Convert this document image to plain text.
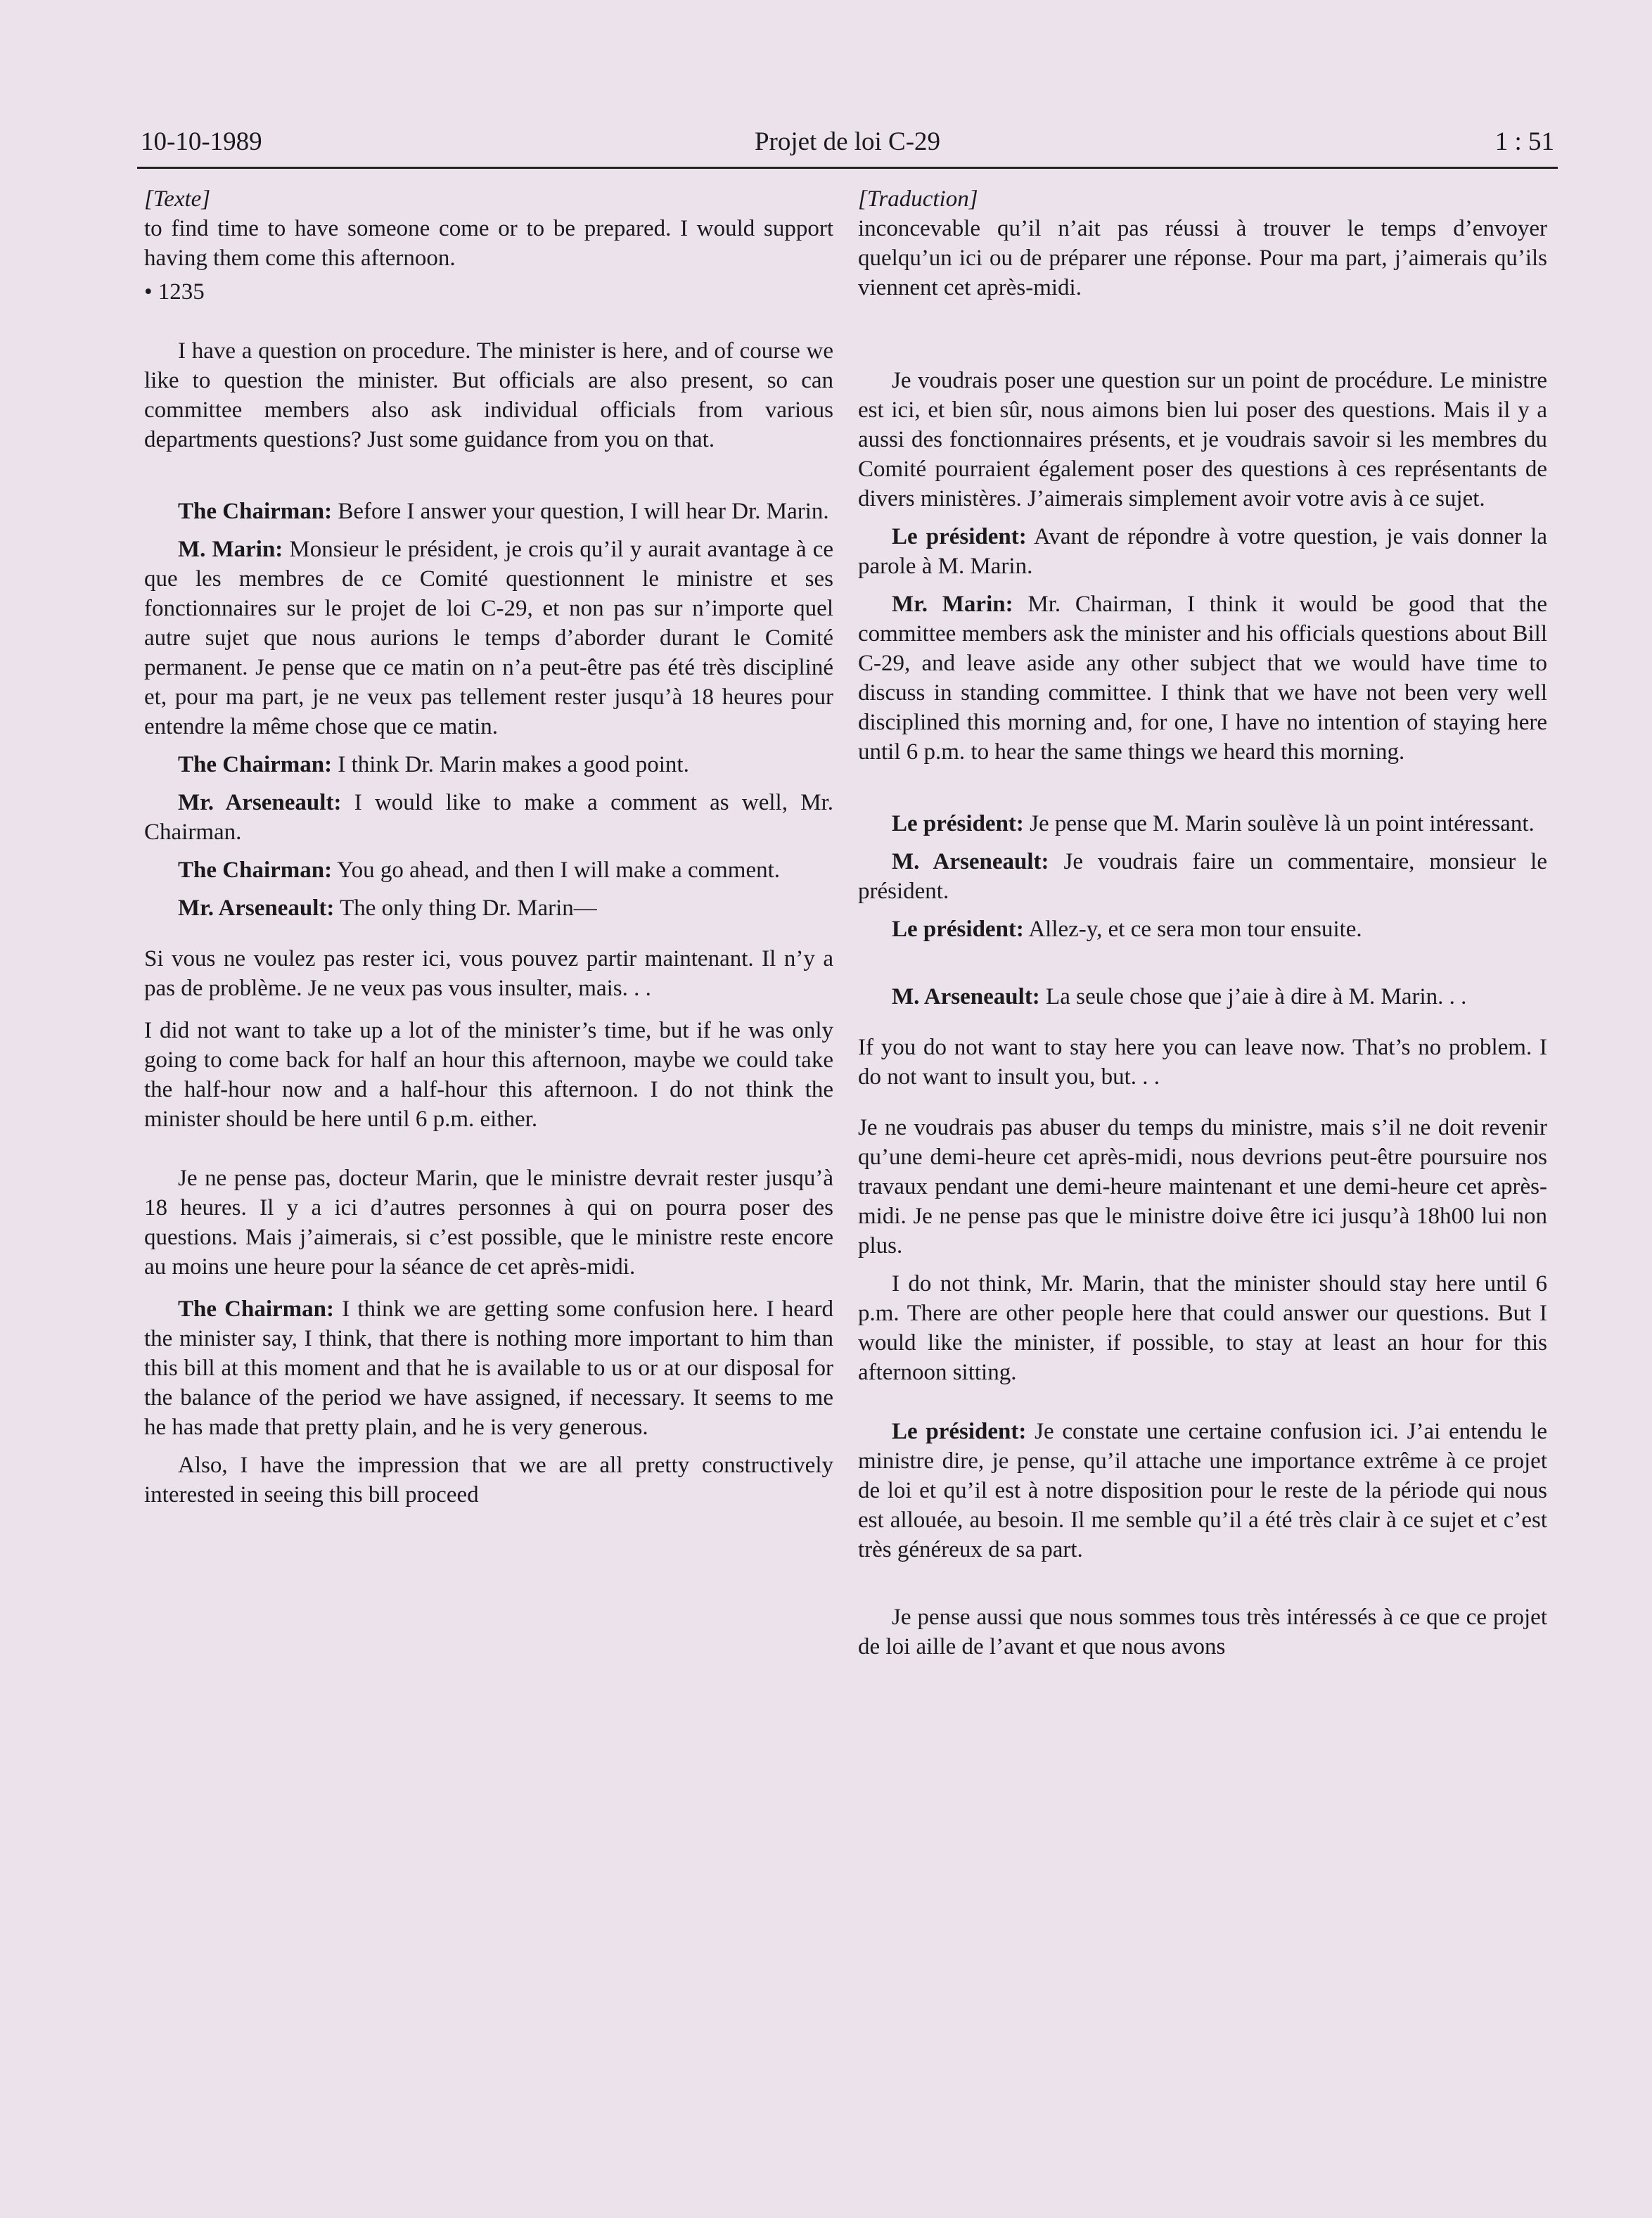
10-10-1989	Projet de loi C-29	1 : 51

[Texte]

to find time to have someone come or to be prepared. I would support having them come this afternoon.

• 1235

I have a question on procedure. The minister is here, and of course we like to question the minister. But officials are also present, so can committee members also ask individual officials from various departments questions? Just some guidance from you on that.

The Chairman: Before I answer your question, I will hear Dr. Marin.

M. Marin: Monsieur le président, je crois qu’il y aurait avantage à ce que les membres de ce Comité questionnent le ministre et ses fonctionnaires sur le projet de loi C-29, et non pas sur n’importe quel autre sujet que nous aurions le temps d’aborder durant le Comité permanent. Je pense que ce matin on n’a peut-être pas été très discipliné et, pour ma part, je ne veux pas tellement rester jusqu’à 18 heures pour entendre la même chose que ce matin.

The Chairman: I think Dr. Marin makes a good point.

Mr. Arseneault: I would like to make a comment as well, Mr. Chairman.

The Chairman: You go ahead, and then I will make a comment.

Mr. Arseneault: The only thing Dr. Marin—

Si vous ne voulez pas rester ici, vous pouvez partir maintenant. Il n’y a pas de problème. Je ne veux pas vous insulter, mais. . .

I did not want to take up a lot of the minister’s time, but if he was only going to come back for half an hour this afternoon, maybe we could take the half-hour now and a half-hour this afternoon. I do not think the minister should be here until 6 p.m. either.

Je ne pense pas, docteur Marin, que le ministre devrait rester jusqu’à 18 heures. Il y a ici d’autres personnes à qui on pourra poser des questions. Mais j’aimerais, si c’est possible, que le ministre reste encore au moins une heure pour la séance de cet après-midi.

The Chairman: I think we are getting some confusion here. I heard the minister say, I think, that there is nothing more important to him than this bill at this moment and that he is available to us or at our disposal for the balance of the period we have assigned, if necessary. It seems to me he has made that pretty plain, and he is very generous.

Also, I have the impression that we are all pretty constructively interested in seeing this bill proceed

[Traduction]

inconcevable qu’il n’ait pas réussi à trouver le temps d’envoyer quelqu’un ici ou de préparer une réponse. Pour ma part, j’aimerais qu’ils viennent cet après-midi.

Je voudrais poser une question sur un point de procédure. Le ministre est ici, et bien sûr, nous aimons bien lui poser des questions. Mais il y a aussi des fonctionnaires présents, et je voudrais savoir si les membres du Comité pourraient également poser des questions à ces représentants de divers ministères. J’aimerais simplement avoir votre avis à ce sujet.

Le président: Avant de répondre à votre question, je vais donner la parole à M. Marin.

Mr. Marin: Mr. Chairman, I think it would be good that the committee members ask the minister and his officials questions about Bill C-29, and leave aside any other subject that we would have time to discuss in standing committee. I think that we have not been very well disciplined this morning and, for one, I have no intention of staying here until 6 p.m. to hear the same things we heard this morning.

Le président: Je pense que M. Marin soulève là un point intéressant.

M. Arseneault: Je voudrais faire un commentaire, monsieur le président.

Le président: Allez-y, et ce sera mon tour ensuite.

M. Arseneault: La seule chose que j’aie à dire à M. Marin. . .

If you do not want to stay here you can leave now. That’s no problem. I do not want to insult you, but. . .

Je ne voudrais pas abuser du temps du ministre, mais s’il ne doit revenir qu’une demi-heure cet après-midi, nous devrions peut-être poursuire nos travaux pendant une demi-heure maintenant et une demi-heure cet après-midi. Je ne pense pas que le ministre doive être ici jusqu’à 18h00 lui non plus.

I do not think, Mr. Marin, that the minister should stay here until 6 p.m. There are other people here that could answer our questions. But I would like the minister, if possible, to stay at least an hour for this afternoon sitting.

Le président: Je constate une certaine confusion ici. J’ai entendu le ministre dire, je pense, qu’il attache une importance extrême à ce projet de loi et qu’il est à notre disposition pour le reste de la période qui nous est allouée, au besoin. Il me semble qu’il a été très clair à ce sujet et c’est très généreux de sa part.

Je pense aussi que nous sommes tous très intéressés à ce que ce projet de loi aille de l’avant et que nous avons
